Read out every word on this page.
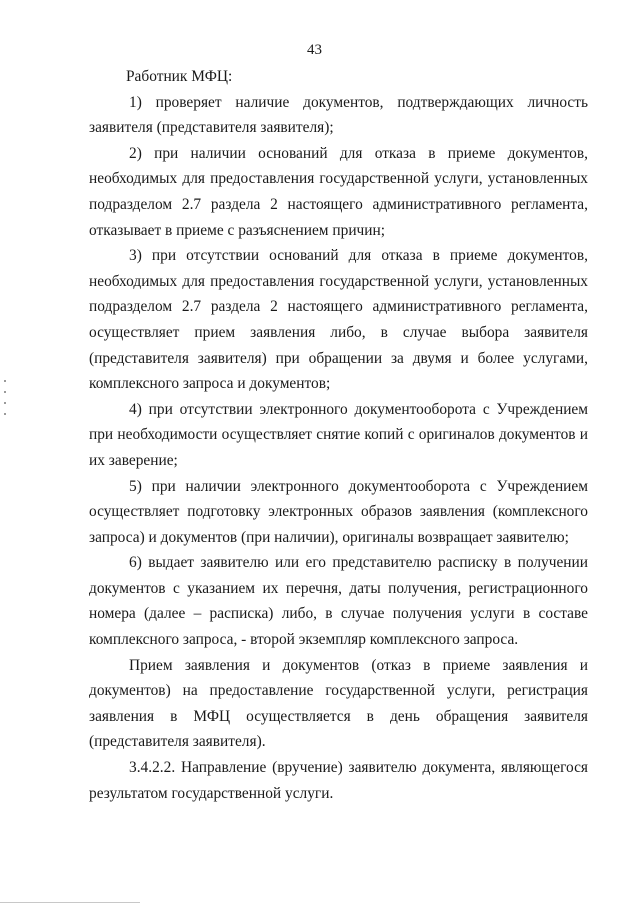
43

Работник МФЦ:

1) проверяет наличие документов, подтверждающих личность заявителя (представителя заявителя);

2) при наличии оснований для отказа в приеме документов, необходимых для предоставления государственной услуги, установленных подразделом 2.7 раздела 2 настоящего административного регламента, отказывает в приеме с разъяснением причин;

3) при отсутствии оснований для отказа в приеме документов, необходимых для предоставления государственной услуги, установленных подразделом 2.7 раздела 2 настоящего административного регламента, осуществляет прием заявления либо, в случае выбора заявителя (представителя заявителя) при обращении за двумя и более услугами, комплексного запроса и документов;

4) при отсутствии электронного документооборота с Учреждением при необходимости осуществляет снятие копий с оригиналов документов и их заверение;

5) при наличии электронного документооборота с Учреждением осуществляет подготовку электронных образов заявления (комплексного запроса) и документов (при наличии), оригиналы возвращает заявителю;

6) выдает заявителю или его представителю расписку в получении документов с указанием их перечня, даты получения, регистрационного номера (далее – расписка) либо, в случае получения услуги в составе комплексного запроса, - второй экземпляр комплексного запроса.

Прием заявления и документов (отказ в приеме заявления и документов) на предоставление государственной услуги, регистрация заявления в МФЦ осуществляется в день обращения заявителя (представителя заявителя).

3.4.2.2. Направление (вручение) заявителю документа, являющегося результатом государственной услуги.
